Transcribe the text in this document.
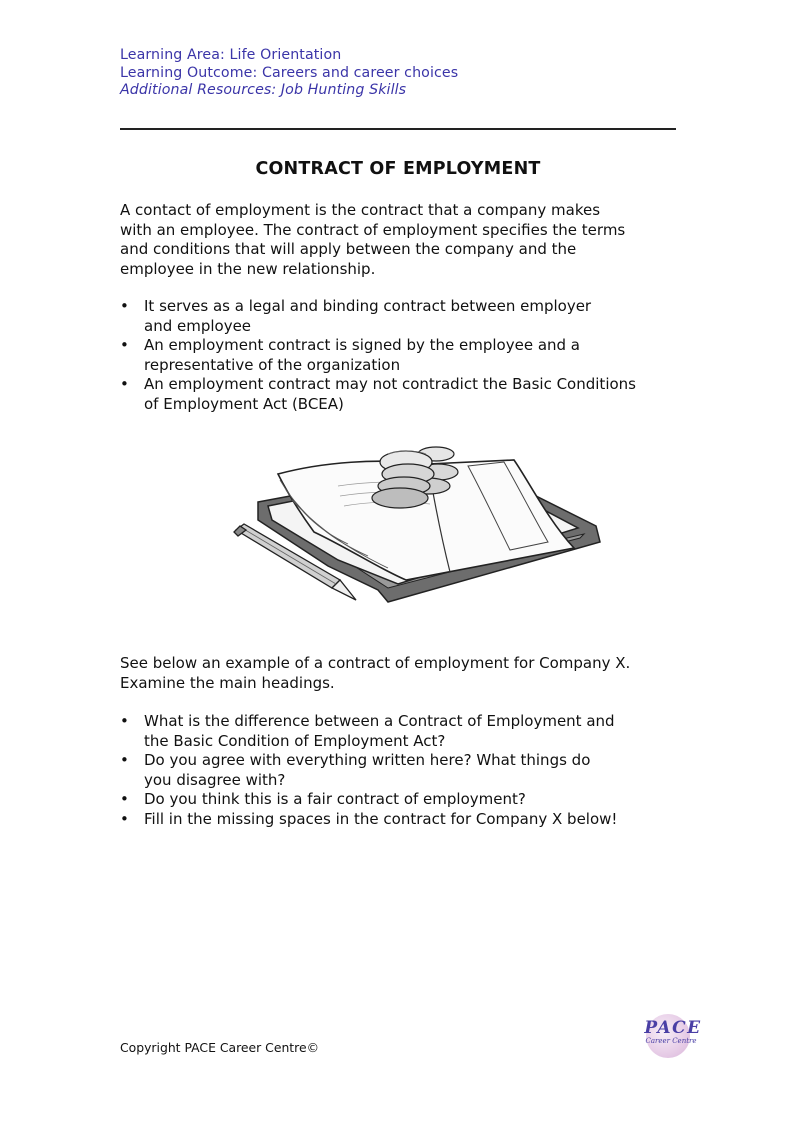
Learning Area: Life Orientation
Learning Outcome: Careers and career choices
Additional Resources: Job Hunting Skills
CONTRACT OF EMPLOYMENT
A contact of employment is the contract that a company makes
with an employee. The contract of employment specifies the terms
and conditions that will apply between the company and the
employee in the new relationship.
• It serves as a legal and binding contract between employer
and employee
• An employment contract is signed by the employee and a
representative of the organization
• An employment contract may not contradict the Basic Conditions
of Employment Act (BCEA)
See below an example of a contract of employment for Company X.
Examine the main headings.
• What is the difference between a Contract of Employment and
the Basic Condition of Employment Act?
• Do you agree with everything written here? What things do
you disagree with?
• Do you think this is a fair contract of employment?
• Fill in the missing spaces in the contract for Company X below!
Copyright PACE Career Centre©
PACE
Career Centre
